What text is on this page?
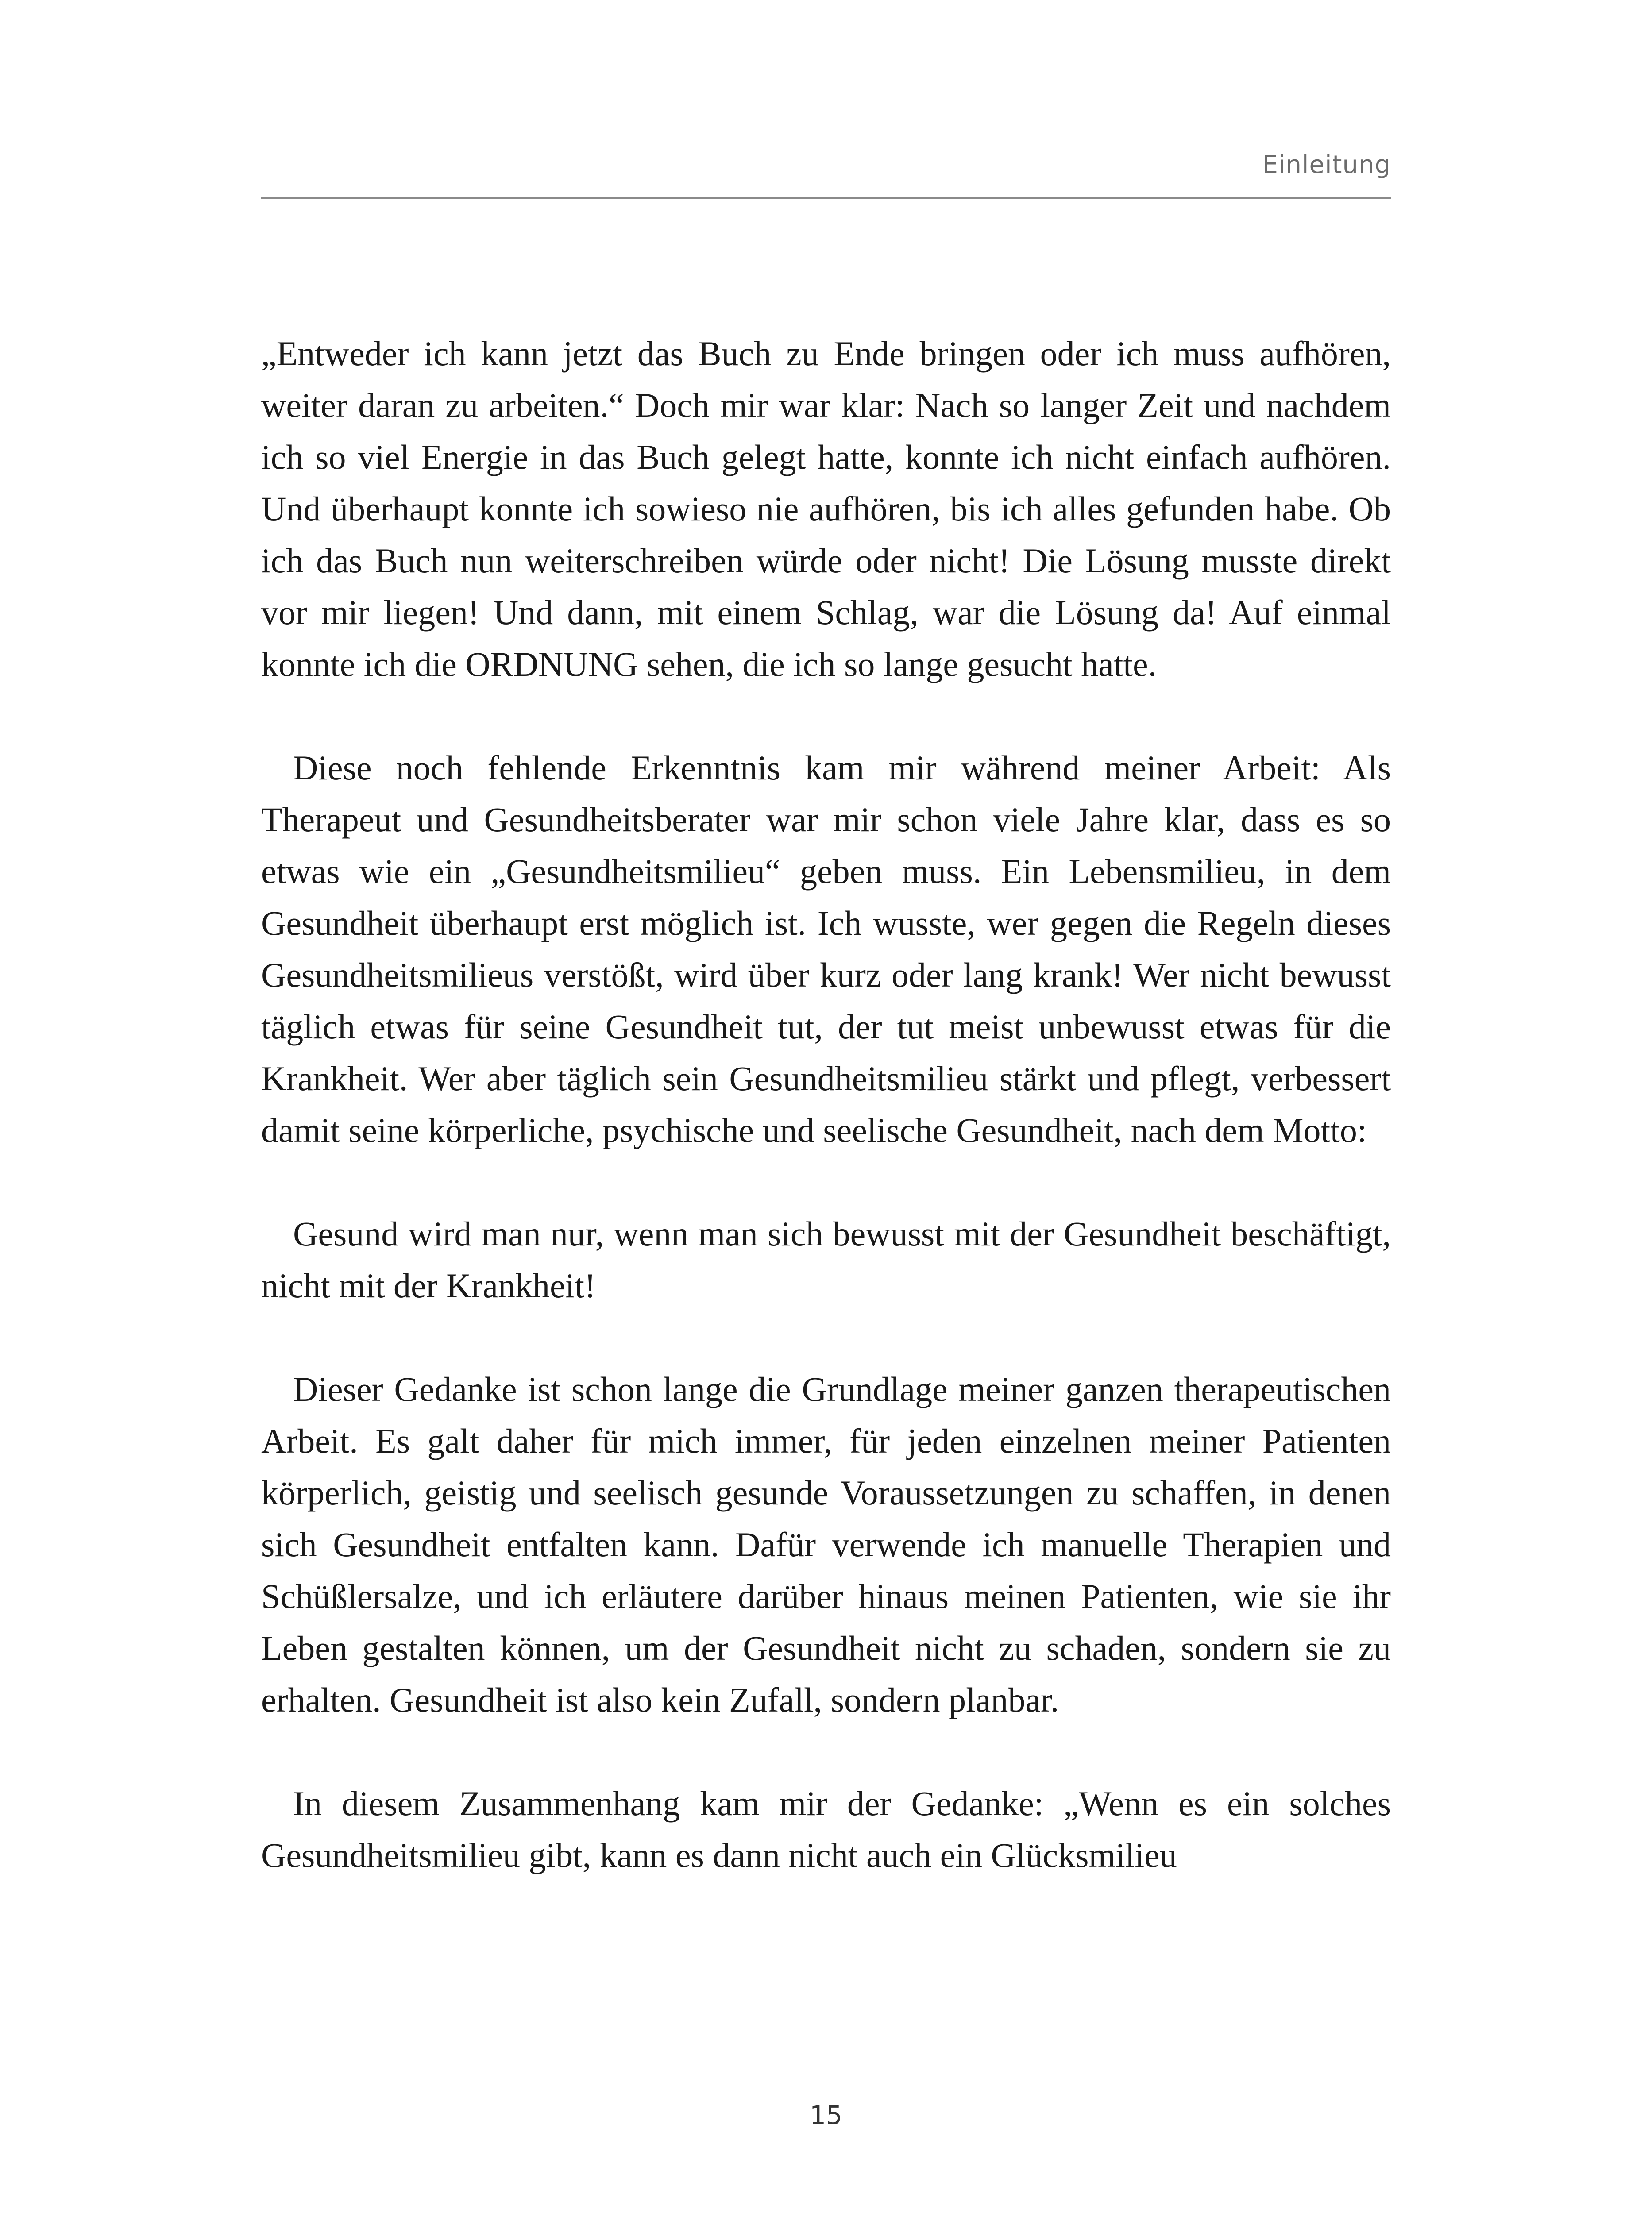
Einleitung

„Entweder ich kann jetzt das Buch zu Ende bringen oder ich muss aufhören, weiter daran zu arbeiten.“ Doch mir war klar: Nach so langer Zeit und nachdem ich so viel Energie in das Buch gelegt hatte, konnte ich nicht einfach aufhören. Und überhaupt konnte ich sowieso nie aufhören, bis ich alles gefunden habe. Ob ich das Buch nun weiterschreiben würde oder nicht! Die Lösung musste direkt vor mir liegen! Und dann, mit einem Schlag, war die Lösung da! Auf einmal konnte ich die ORDNUNG sehen, die ich so lange gesucht hatte.

Diese noch fehlende Erkenntnis kam mir während meiner Arbeit: Als Therapeut und Gesundheitsberater war mir schon viele Jahre klar, dass es so etwas wie ein „Gesundheitsmilieu“ geben muss. Ein Lebensmilieu, in dem Gesundheit überhaupt erst möglich ist. Ich wusste, wer gegen die Regeln dieses Gesundheitsmilieus verstößt, wird über kurz oder lang krank! Wer nicht bewusst täglich etwas für seine Gesundheit tut, der tut meist unbewusst etwas für die Krankheit. Wer aber täglich sein Gesundheitsmilieu stärkt und pflegt, verbessert damit seine körperliche, psychische und seelische Gesundheit, nach dem Motto:

Gesund wird man nur, wenn man sich bewusst mit der Gesundheit beschäftigt, nicht mit der Krankheit!

Dieser Gedanke ist schon lange die Grundlage meiner ganzen therapeutischen Arbeit. Es galt daher für mich immer, für jeden einzelnen meiner Patienten körperlich, geistig und seelisch gesunde Voraussetzungen zu schaffen, in denen sich Gesundheit entfalten kann. Dafür verwende ich manuelle Therapien und Schüßlersalze, und ich erläutere darüber hinaus meinen Patienten, wie sie ihr Leben gestalten können, um der Gesundheit nicht zu schaden, sondern sie zu erhalten. Gesundheit ist also kein Zufall, sondern planbar.

In diesem Zusammenhang kam mir der Gedanke: „Wenn es ein solches Gesundheitsmilieu gibt, kann es dann nicht auch ein Glücksmilieu

15
